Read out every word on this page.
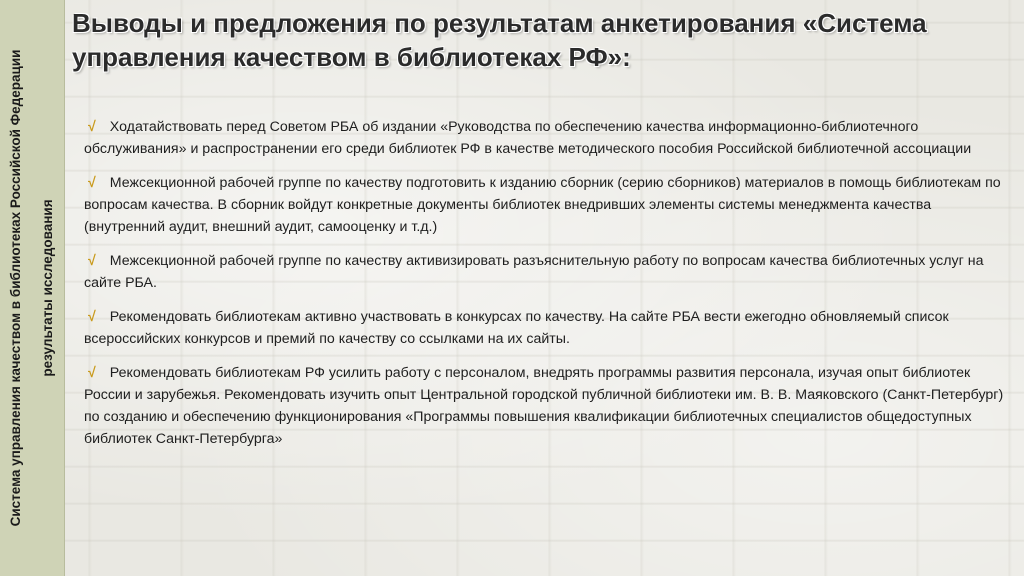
Система управления качеством в библиотеках Российской Федерации результаты исследования
Выводы и предложения по результатам анкетирования «Система
управления качеством в библиотеках РФ»:
√ Ходатайствовать перед Советом РБА об издании «Руководства по обеспечению качества информационно-библиотечного обслуживания» и распространении его среди библиотек РФ в качестве методического пособия Российской библиотечной ассоциации
√ Межсекционной рабочей группе по качеству подготовить к изданию сборник (серию сборников) материалов в помощь библиотекам по вопросам качества. В сборник войдут конкретные документы библиотек внедривших элементы системы менеджмента качества (внутренний аудит, внешний аудит, самооценку и т.д.)
√ Межсекционной рабочей группе по качеству активизировать разъяснительную работу по вопросам качества библиотечных услуг на сайте РБА.
√ Рекомендовать библиотекам активно участвовать в конкурсах по качеству. На сайте РБА вести ежегодно обновляемый список всероссийских конкурсов и премий по качеству со ссылками на их сайты.
√ Рекомендовать библиотекам РФ усилить работу с персоналом, внедрять программы развития персонала, изучая опыт библиотек России и зарубежья. Рекомендовать изучить опыт Центральной городской публичной библиотеки им. В. В. Маяковского (Санкт-Петербург) по созданию и обеспечению функционирования «Программы повышения квалификации библиотечных специалистов общедоступных библиотек Санкт-Петербурга»
